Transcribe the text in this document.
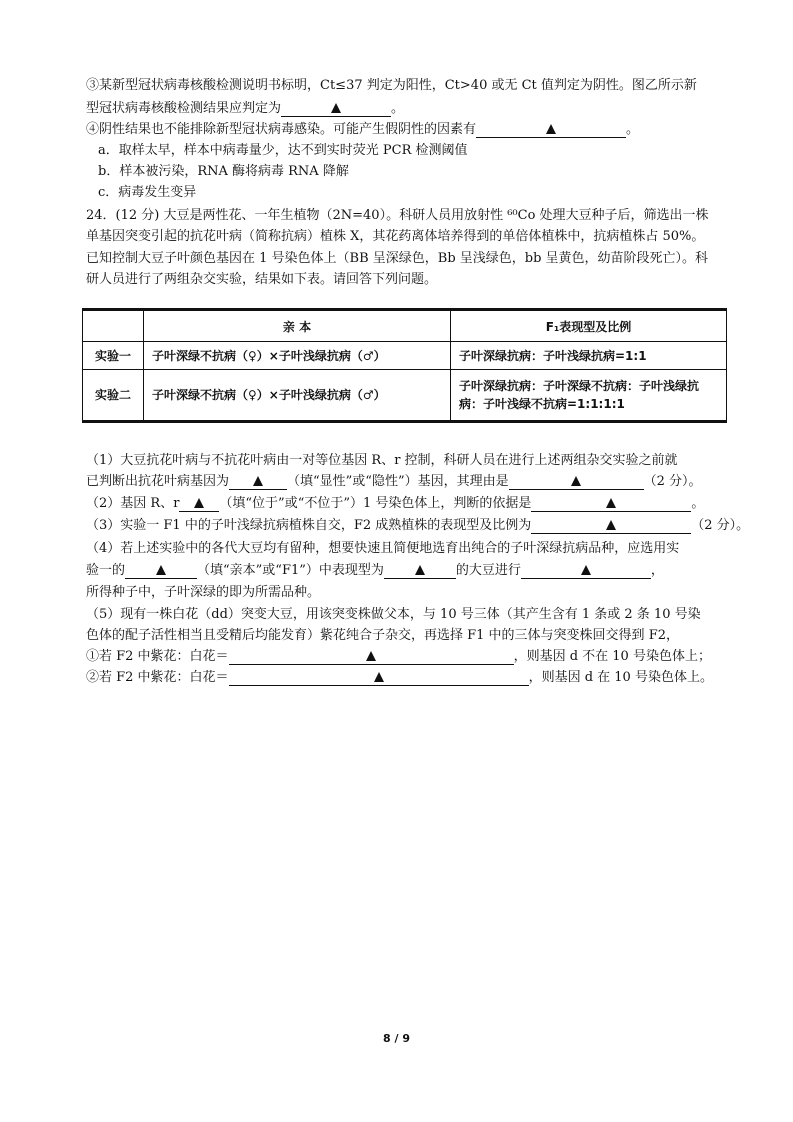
③某新型冠状病毒核酸检测说明书标明，Ct≤37 判定为阳性，Ct>40 或无 Ct 值判定为阴性。图乙所示新
型冠状病毒核酸检测结果应判定为	。
④阴性结果也不能排除新型冠状病毒感染。可能产生假阴性的因素有	。
a．取样太早，样本中病毒量少，达不到实时荧光 PCR 检测阈值
b．样本被污染，RNA 酶将病毒 RNA 降解
c．病毒发生变异
24．(12 分) 大豆是两性花、一年生植物（2N=40）。科研人员用放射性 ⁶⁰Co 处理大豆种子后，筛选出一株
单基因突变引起的抗花叶病（简称抗病）植株 X，其花药离体培养得到的单倍体植株中，抗病植株占 50%。
已知控制大豆子叶颜色基因在 1 号染色体上（BB 呈深绿色，Bb 呈浅绿色，bb 呈黄色，幼苗阶段死亡）。科
研人员进行了两组杂交实验，结果如下表。请回答下列问题。
	亲 本	F₁表现型及比例
实验一	子叶深绿不抗病（♀）×子叶浅绿抗病（♂）	子叶深绿抗病：子叶浅绿抗病=1:1
实验二	子叶深绿不抗病（♀）×子叶浅绿抗病（♂）	子叶深绿抗病：子叶深绿不抗病：子叶浅绿抗病：子叶浅绿不抗病=1:1:1:1
（1）大豆抗花叶病与不抗花叶病由一对等位基因 R、r 控制，科研人员在进行上述两组杂交实验之前就
已判断出抗花叶病基因为	（填“显性”或“隐性”）基因，其理由是	（2 分）。
（2）基因 R、r	（填“位于”或“不位于”）1 号染色体上，判断的依据是	。
（3）实验一 F1 中的子叶浅绿抗病植株自交，F2 成熟植株的表现型及比例为	（2 分）。
（4）若上述实验中的各代大豆均有留种，想要快速且简便地选育出纯合的子叶深绿抗病品种，应选用实
验一的	（填“亲本”或“F1”）中表现型为	的大豆进行	，
所得种子中，子叶深绿的即为所需品种。
（5）现有一株白花（dd）突变大豆，用该突变株做父本，与 10 号三体（其产生含有 1 条或 2 条 10 号染
色体的配子活性相当且受精后均能发育）紫花纯合子杂交，再选择 F1 中的三体与突变株回交得到 F2，
①若 F2 中紫花：白花＝	，则基因 d 不在 10 号染色体上；
②若 F2 中紫花：白花＝	，则基因 d 在 10 号染色体上。
8 / 9
